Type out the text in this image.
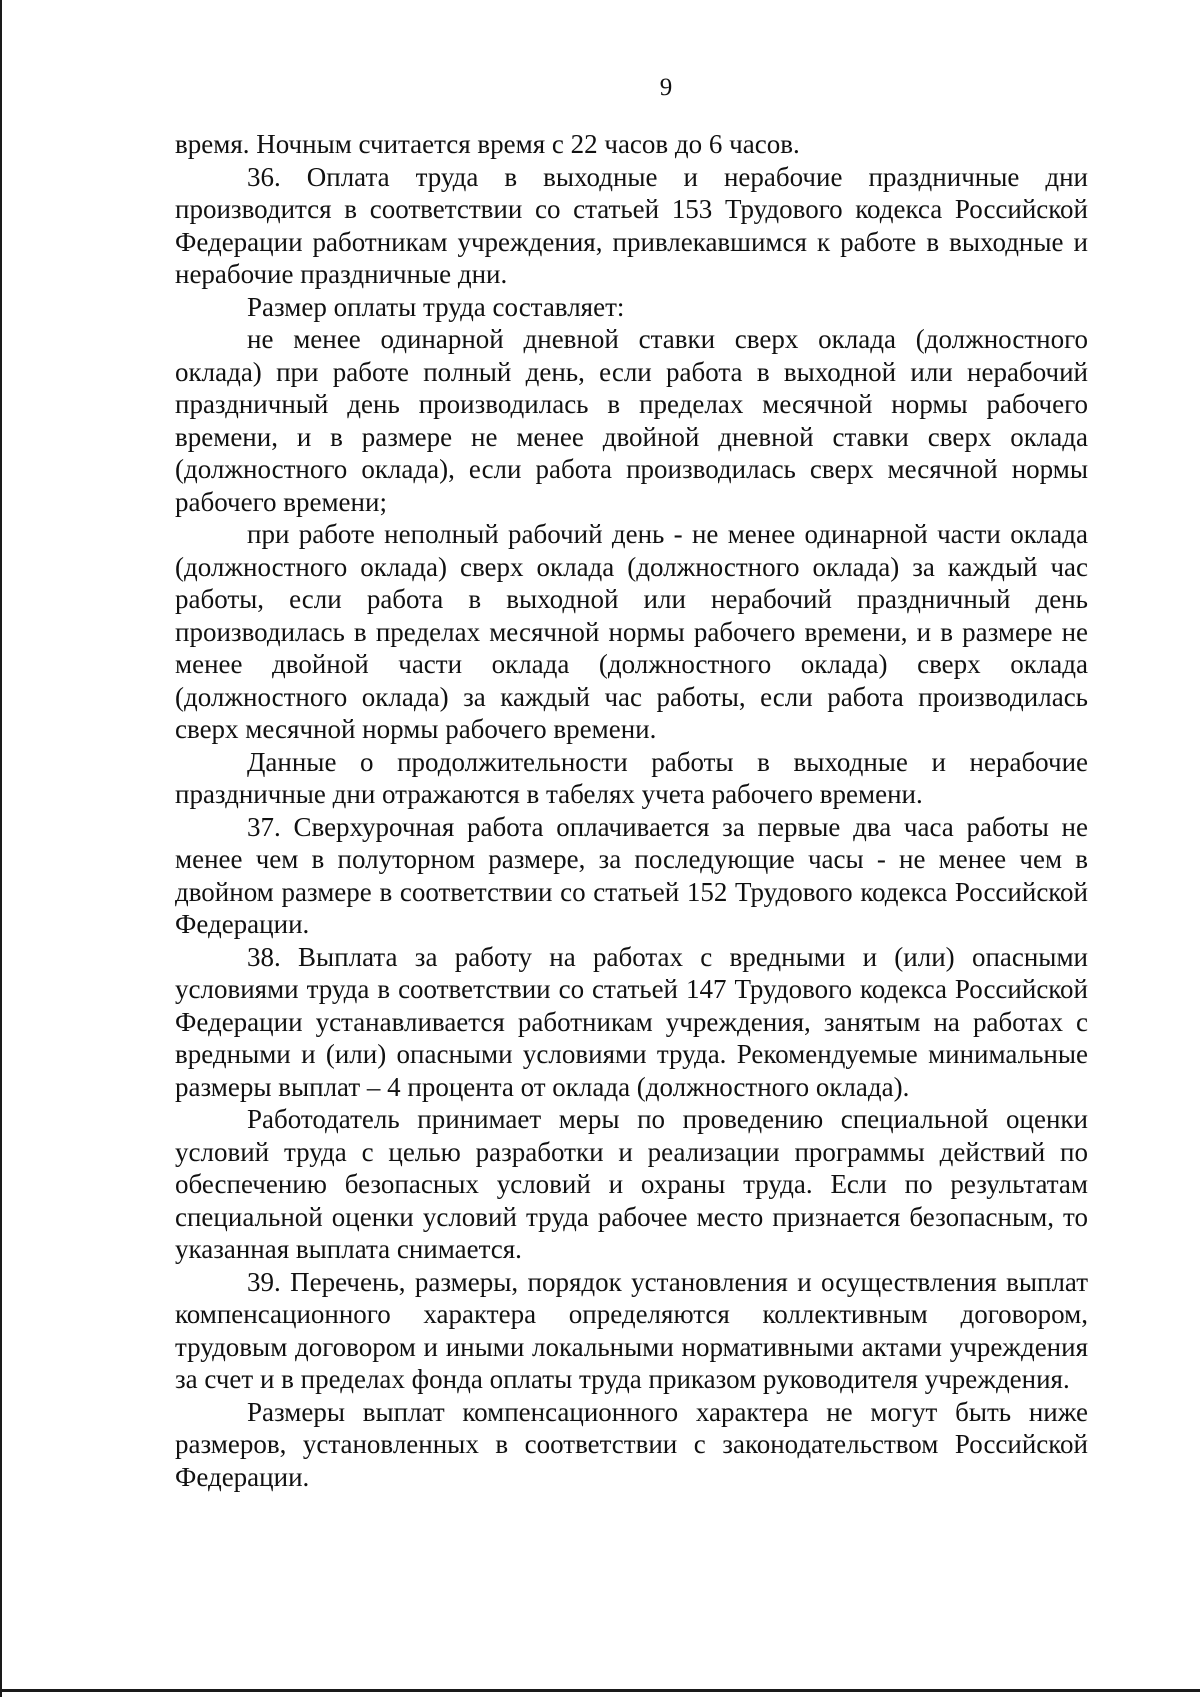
9

время. Ночным считается время с 22 часов до 6 часов.

36. Оплата труда в выходные и нерабочие праздничные дни производится в соответствии со статьей 153 Трудового кодекса Российской Федерации работникам учреждения, привлекавшимся к работе в выходные и нерабочие праздничные дни.

Размер оплаты труда составляет:

не менее одинарной дневной ставки сверх оклада (должностного оклада) при работе полный день, если работа в выходной или нерабочий праздничный день производилась в пределах месячной нормы рабочего времени, и в размере не менее двойной дневной ставки сверх оклада (должностного оклада), если работа производилась сверх месячной нормы рабочего времени;

при работе неполный рабочий день - не менее одинарной части оклада (должностного оклада) сверх оклада (должностного оклада) за каждый час работы, если работа в выходной или нерабочий праздничный день производилась в пределах месячной нормы рабочего времени, и в размере не менее двойной части оклада (должностного оклада) сверх оклада (должностного оклада) за каждый час работы, если работа производилась сверх месячной нормы рабочего времени.

Данные о продолжительности работы в выходные и нерабочие праздничные дни отражаются в табелях учета рабочего времени.

37. Сверхурочная работа оплачивается за первые два часа работы не менее чем в полуторном размере, за последующие часы - не менее чем в двойном размере в соответствии со статьей 152 Трудового кодекса Российской Федерации.

38. Выплата за работу на работах с вредными и (или) опасными условиями труда в соответствии со статьей 147 Трудового кодекса Российской Федерации устанавливается работникам учреждения, занятым на работах с вредными и (или) опасными условиями труда. Рекомендуемые минимальные размеры выплат – 4 процента от оклада (должностного оклада).

Работодатель принимает меры по проведению специальной оценки условий труда с целью разработки и реализации программы действий по обеспечению безопасных условий и охраны труда. Если по результатам специальной оценки условий труда рабочее место признается безопасным, то указанная выплата снимается.

39. Перечень, размеры, порядок установления и осуществления выплат компенсационного характера определяются коллективным договором, трудовым договором и иными локальными нормативными актами учреждения за счет и в пределах фонда оплаты труда приказом руководителя учреждения.

Размеры выплат компенсационного характера не могут быть ниже размеров, установленных в соответствии с законодательством Российской Федерации.
